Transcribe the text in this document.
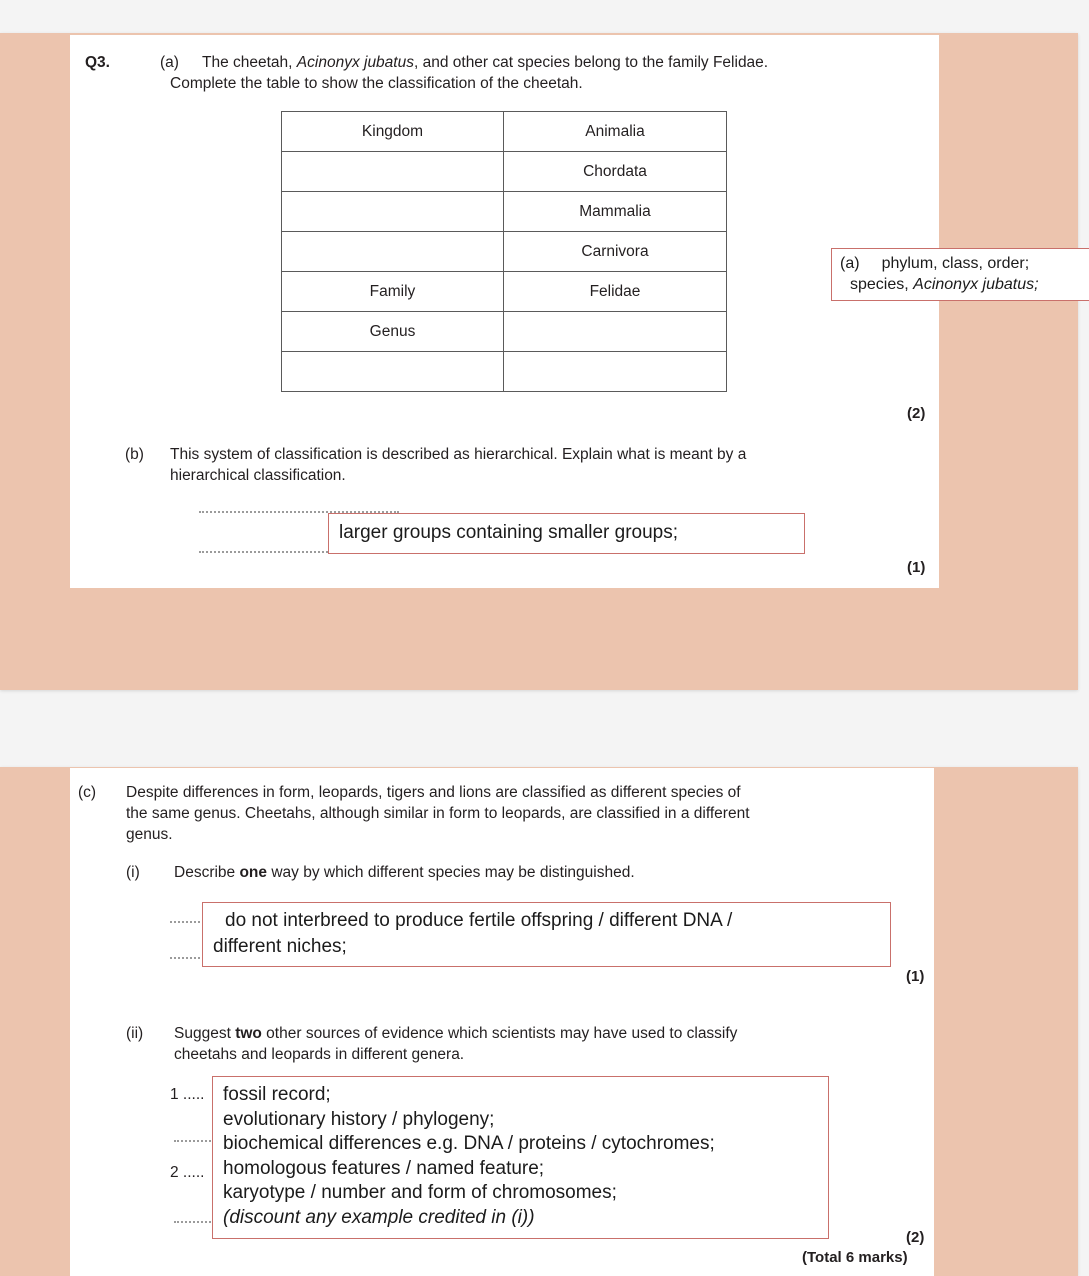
Q3.	(a) The cheetah, Acinonyx jubatus, and other cat species belong to the family Felidae.
Complete the table to show the classification of the cheetah.
(2)
(b) This system of classification is described as hierarchical. Explain what is meant by a
hierarchical classification.
(1)
Kingdom	Animalia
	Chordata
	Mammalia
	Carnivora
Family	Felidae
Genus	

(a) phylum, class, order;
species, Acinonyx jubatus;
larger groups containing smaller groups;
(c) Despite differences in form, leopards, tigers and lions are classified as different species of
the same genus. Cheetahs, although similar in form to leopards, are classified in a different
genus.
(i) Describe one way by which different species may be distinguished.
(1)
(ii) Suggest two other sources of evidence which scientists may have used to classify
cheetahs and leopards in different genera.
1 .....
2 .....
(2)
(Total 6 marks)
do not interbreed to produce fertile offspring / different DNA /
different niches;
fossil record;
evolutionary history / phylogeny;
biochemical differences e.g. DNA / proteins / cytochromes;
homologous features / named feature;
karyotype / number and form of chromosomes;
(discount any example credited in (i))
